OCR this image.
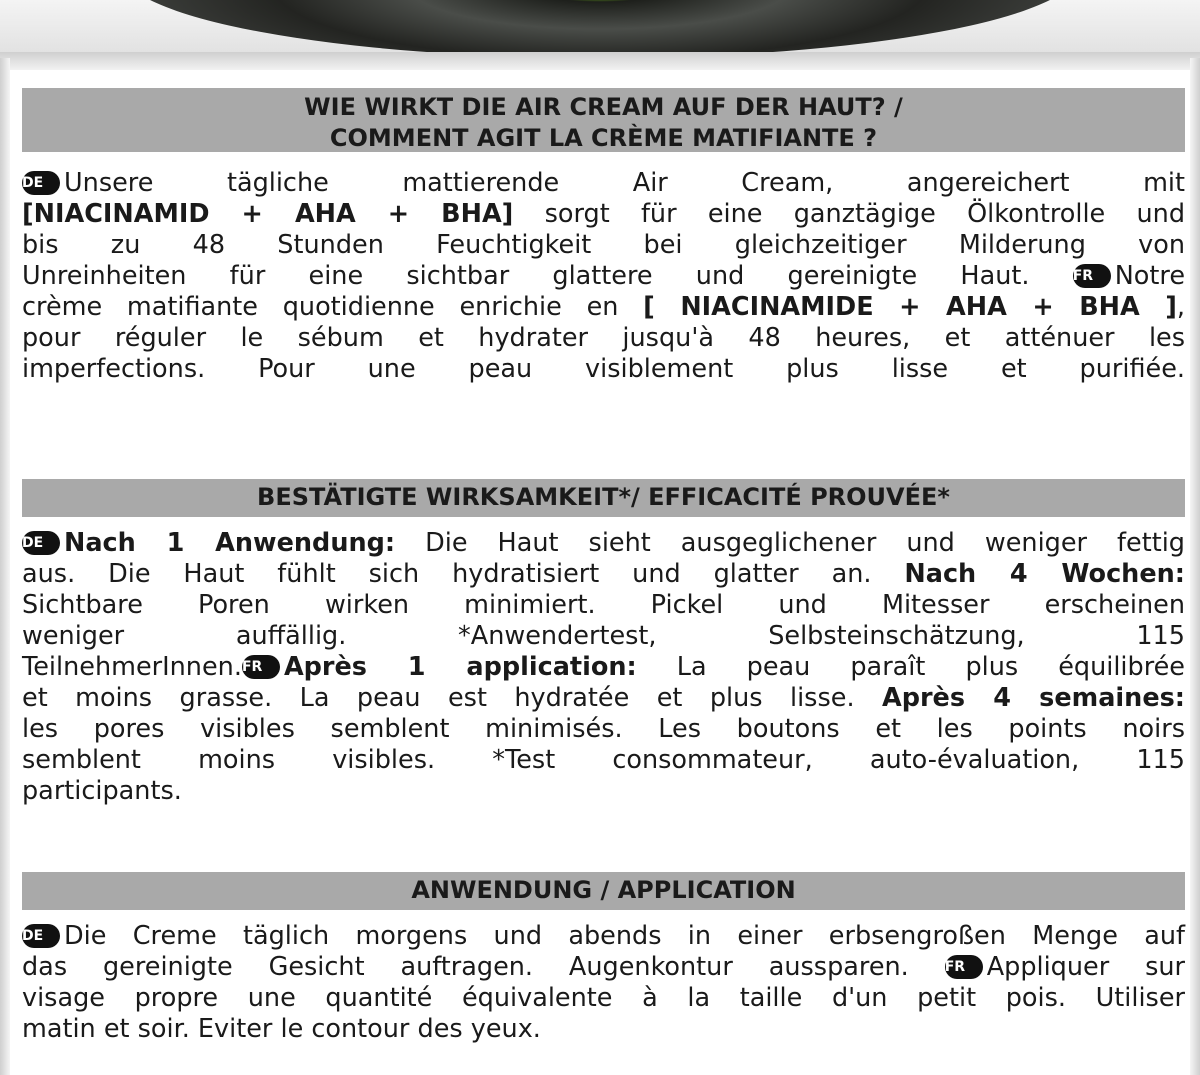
WIE WIRKT DIE AIR CREAM AUF DER HAUT? /
COMMENT AGIT LA CRÈME MATIFIANTE ?
DE Unsere tägliche mattierende Air Cream, angereichert mit
[NIACINAMID + AHA + BHA] sorgt für eine ganztägige Ölkontrolle und
bis zu 48 Stunden Feuchtigkeit bei gleichzeitiger Milderung von
Unreinheiten für eine sichtbar glattere und gereinigte Haut.	FR Notre
crème matifiante quotidienne enrichie en [ NIACINAMIDE + AHA + BHA ],
pour réguler le sébum et hydrater jusqu'à 48 heures, et atténuer les
imperfections. Pour une peau visiblement plus lisse et purifiée.
BESTÄTIGTE WIRKSAMKEIT*/ EFFICACITÉ PROUVÉE*
DE Nach 1 Anwendung: Die Haut sieht ausgeglichener und weniger fettig
aus. Die Haut fühlt sich hydratisiert und glatter an. Nach 4 Wochen:
Sichtbare Poren wirken minimiert. Pickel und Mitesser erscheinen
weniger auffällig. *Anwendertest, Selbsteinschätzung, 115
TeilnehmerInnen.FR Après 1 application: La peau paraît plus équilibrée
et moins grasse. La peau est hydratée et plus lisse. Après 4 semaines:
les pores visibles semblent minimisés. Les boutons et les points noirs
semblent moins visibles. *Test consommateur, auto-évaluation, 115
participants.
ANWENDUNG / APPLICATION
DE Die Creme täglich morgens und abends in einer erbsengroßen Menge auf
das gereinigte Gesicht auftragen. Augenkontur aussparen.	FR Appliquer sur
visage propre une quantité équivalente à la taille d'un petit pois. Utiliser
matin et soir. Eviter le contour des yeux.
